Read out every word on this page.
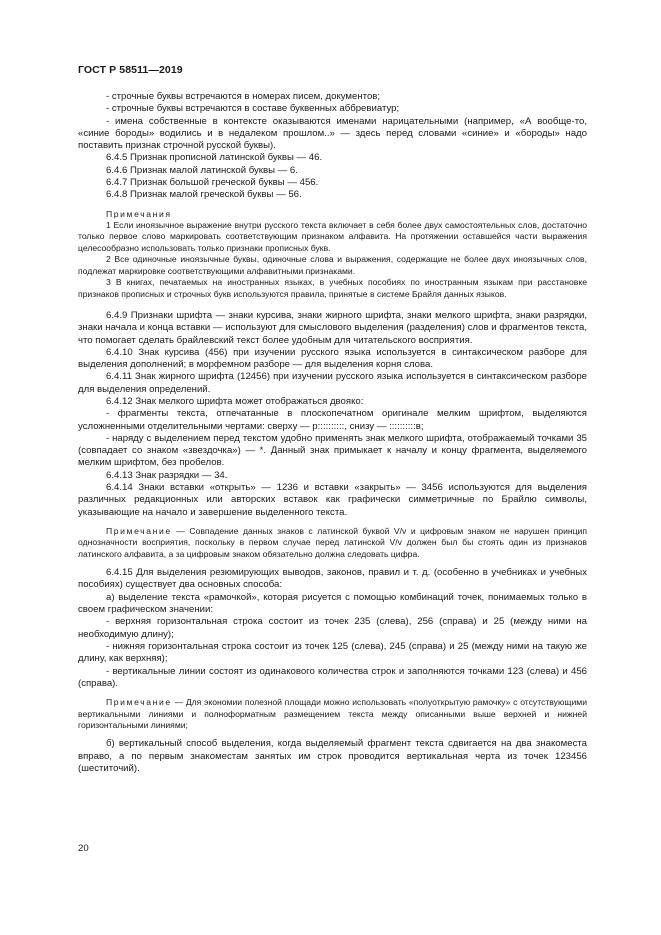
ГОСТ Р 58511—2019

- строчные буквы встречаются в номерах писем, документов;

- строчные буквы встречаются в составе буквенных аббревиатур;

- имена собственные в контексте оказываются именами нарицательными (например, «А вообще-то, «синие бороды» водились и в недалеком прошлом..» — здесь перед словами «синие» и «бороды» надо поставить признак строчной русской буквы).

6.4.5 Признак прописной латинской буквы — 46.

6.4.6 Признак малой латинской буквы — 6.

6.4.7 Признак большой греческой буквы — 456.

6.4.8 Признак малой греческой буквы — 56.

Примечания

1 Если иноязычное выражение внутри русского текста включает в себя более двух самостоятельных слов, достаточно только первое слово маркировать соответствующим признаком алфавита. На протяжении оставшейся части выражения целесообразно использовать только признаки прописных букв.

2 Все одиночные иноязычные буквы, одиночные слова и выражения, содержащие не более двух иноязычных слов, подлежат маркировке соответствующими алфавитными признаками.

3 В книгах, печатаемых на иностранных языках, в учебных пособиях по иностранным языкам при расстановке признаков прописных и строчных букв используются правила, принятые в системе Брайля данных языков.

6.4.9 Признаки шрифта — знаки курсива, знаки жирного шрифта, знаки мелкого шрифта, знаки разрядки, знаки начала и конца вставки — используют для смыслового выделения (разделения) слов и фрагментов текста, что помогает сделать брайлевский текст более удобным для читательского восприятия.

6.4.10 Знак курсива (456) при изучении русского языка используется в синтаксическом разборе для выделения дополнений; в морфемном разборе — для выделения корня слова.

6.4.11 Знак жирного шрифта (12456) при изучении русского языка используется в синтаксическом разборе для выделения определений.

6.4.12 Знак мелкого шрифта может отображаться двояко:

- фрагменты текста, отпечатанные в плоскопечатном оригинале мелким шрифтом, выделяются усложненными отделительными чертами: сверху — р::::::::::, снизу — ::::::::::в;

- наряду с выделением перед текстом удобно применять знак мелкого шрифта, отображаемый точками 35 (совпадает со знаком «звездочка») — *. Данный знак примыкает к началу и концу фрагмента, выделяемого мелким шрифтом, без пробелов.

6.4.13 Знак разрядки — 34.

6.4.14 Знаки вставки «открыть» — 1236 и вставки «закрыть» — 3456 используются для выделения различных редакционных или авторских вставок как графически симметричные по Брайлю символы, указывающие на начало и завершение выделенного текста.

Примечание — Совпадение данных знаков с латинской буквой V/v и цифровым знаком не нарушен принцип однозначности восприятия, поскольку в первом случае перед латинской V/v должен был бы стоять один из признаков латинского алфавита, а за цифровым знаком обязательно должна следовать цифра.

6.4.15 Для выделения резюмирующих выводов, законов, правил и т. д. (особенно в учебниках и учебных пособиях) существует два основных способа:

а) выделение текста «рамочкой», которая рисуется с помощью комбинаций точек, понимаемых только в своем графическом значении:

- верхняя горизонтальная строка состоит из точек 235 (слева), 256 (справа) и 25 (между ними на необходимую длину);

- нижняя горизонтальная строка состоит из точек 125 (слева), 245 (справа) и 25 (между ними на такую же длину, как верхняя);

- вертикальные линии состоят из одинакового количества строк и заполняются точками 123 (слева) и 456 (справа).

Примечание — Для экономии полезной площади можно использовать «полуоткрытую рамочку» с отсутствующими вертикальными линиями и полноформатным размещением текста между описанными выше верхней и нижней горизонтальными линиями;

б) вертикальный способ выделения, когда выделяемый фрагмент текста сдвигается на два знакоместа вправо, а по первым знакоместам занятых им строк проводится вертикальная черта из точек 123456 (шеститочий).

20
